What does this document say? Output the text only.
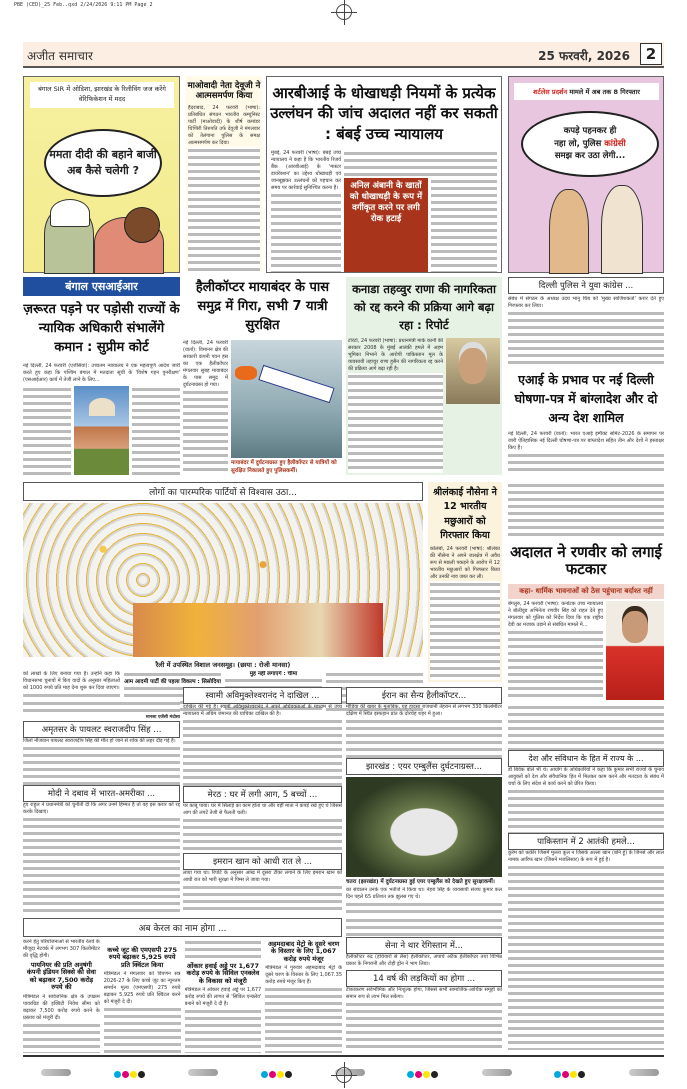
PBE (CED)_25 Feb..qxd 2/24/2026 9:11 PM Page 2
अजीत समाचार	25 फरवरी, 2026	2
बंगाल SIR में ओडिशा, झारखंड के रिलीविंग जज करेंगे वेरिफिकेशन में मदद
ममता दीदी की बहाने बाजी अब कैसे चलेगी ?
माओवादी नेता देवूजी ने आत्मसमर्पण किया

हैदराबाद, 24 फरवरी (भाषा): प्रतिबंधित संगठन भारतीय कम्युनिस्ट पार्टी (माओवादी) के शीर्ष कमांडर थिप्पिरी तिरुपति उर्फ देवूजी ने मंगलवार को तेलंगाना पुलिस के समक्ष आत्मसमर्पण कर दिया।

आरबीआई के धोखाधड़ी नियमों के प्रत्येक उल्लंघन की जांच अदालत नहीं कर सकती : बंबई उच्च न्यायालय

मुंबई, 24 फरवरी (भाषा): बंबई उच्च न्यायालय ने कहा है कि भारतीय रिजर्व बैंक (आरबीआई) के 'मास्टर डायरेक्शन' का उद्देश्य धोखाधड़ी एवं जानबूझकर उल्लंघनों को पहचान कर समय पर कार्रवाई सुनिश्चित करना है।	अनिल अंबानी के खातों को धोखाधड़ी के रूप में वर्गीकृत करने पर लगी रोक हटाई
शर्टलेस प्रदर्शन मामले में अब तक 8 गिरफ्तार
कपड़े पहनकर ही
नहा लो, पुलिस कांग्रेसी
समझ कर उठा लेगी...
बंगाल एसआईआर
ज़रूरत पड़ने पर पड़ोसी राज्यों के न्यायिक अधिकारी संभालेंगे कमान : सुप्रीम कोर्ट

नई दिल्ली, 24 फरवरी (एजेंसियां): उच्चतम न्यायालय ने एक महत्वपूर्ण आदेश जारी करते हुए कहा कि पश्चिम बंगाल में मतदाता सूची के 'विशेष गहन पुनरीक्षण' (एसआईआर) कार्य में तेजी लाने के लिए...

हैलीकॉप्टर मायाबंदर के पास समुद्र में गिरा, सभी 7 यात्री सुरक्षित

नई दिल्ली, 24 फरवरी (वार्ता): विमानन क्षेत्र की सरकारी कंपनी पवन हंस का एक हैलीकॉप्टर मंगलवार सुबह मायाबंदर के पास समुद्र में दुर्घटनाग्रस्त हो गया।

मायाबंदर में दुर्घटनाग्रस्त हुए हैलीकॉप्टर से यात्रियों को सुरक्षित निकालते हुए पुलिसकर्मी।
कनाडा तहव्वुर राणा की नागरिकता को रद्द करने की प्रक्रिया आगे बढ़ा रहा : रिपोर्ट

टोरंटो, 24 फरवरी (भाषा): प्रधानमंत्री मार्क कार्नी की सरकार 2008 के मुंबई आतंकी हमले में अहम भूमिका निभाने के आरोपी पाकिस्तान मूल के व्यवसायी तहव्वुर राणा हुसैन की नागरिकता रद्द करने की प्रक्रिया आगे बढ़ा रही है।

दिल्ली पुलिस ने युवा कांग्रेस ...

संबंध में संगठन के अध्यक्ष उदय भानु चिब को 'मुख्य साजिशकर्ता' करार देते हुए गिरफ्तार कर लिया।

एआई के प्रभाव पर नई दिल्ली घोषणा-पत्र में बांग्लादेश और दो अन्य देश शामिल

नई दिल्ली, 24 फरवरी (वार्ता): भारत एआई इम्पैक्ट समिट-2026 के समापन पर जारी ऐतिहासिक नई दिल्ली घोषणा-पत्र पर बांग्लादेश सहित तीन और देशों ने हस्ताक्षर किए हैं।

लोगों का पारम्परिक पार्टियों से विश्वास उठा...
रैली में उपस्थित विशाल जनसमूह। (छाया : रोजी मानसा)

को लाखों के लिए बनाया गया है। उन्होंने कहा कि विधानसभा चुनावों में किए वादों के अनुसार महिलाओं को 1000 रुपये प्रति माह देना शुरू कर दिया जाएगा।

आम आदमी पार्टी की पहला विकल्प : सिसोदिया
मुंह नहीं लगाएंगे : चीमा
श्रीलंकाई नौसेना ने 12 भारतीय मछुआरों को गिरफ्तार किया

कोलंबो, 24 फरवरी (भाषा): श्रीलंका की नौसेना ने अपने जलक्षेत्र में अवैध रूप से मछली पकड़ने के आरोप में 12 भारतीय मछुआरों को गिरफ्तार किया और उनकी नाव जब्त कर ली।

अदालत ने रणवीर को लगाई फटकार
कहा- धार्मिक भावनाओं को ठेस पहुंचाना बर्दाश्त नहीं

बेंगलुरु, 24 फरवरी (भाषा): कर्नाटक उच्च न्यायालय ने बॉलीवुड अभिनेता रणवीर सिंह को राहत देते हुए मंगलवार को पुलिस को निर्देश दिया कि एक राष्ट्रीय देवी का मजाक उड़ाने से संबंधित मामले में...

मानसा एजेंसी मंदोसा
अमृतसर के पायलट स्वराजदीप सिंह ...

जिलों नौजवान पायलट स्वराजदीप सिंह की मौत हो जाने से शोक की लहर दौड़ गई है।

मोदी ने दबाव में भारत-अमरीका ...

हुए राहुल ने प्रधानमंत्री को चुनौती दी कि अगर उनमें हिम्मत है तो वह इस करार को रद्द करके दिखाएं।

स्वामी अविमुक्तेश्वरानंद ने दाखिल ...

दाखिल की गई है। स्वामी अविमुक्तेश्वरानंद ने अपने अधिवक्ताओं के माध्यम से उच्च न्यायालय में अग्रिम जमानत की याचिका दाखिल की है।

मेरठ : घर में लगी आग, 5 बच्चों ...

पर काबू पाया। घर में सिलाई का काम होता था और वहीं माता ने कपड़े रखे हुए थे जिससे आग की लपटें तेजी से फैलती चली।

इमरान खान को आधी रात ले ...

लाया गया था। रिपोर्ट के अनुसार आंख में दूसरा टीका लगाने के लिए इमरान खान को आधी रात को भारी सुरक्षा में पिम्स ले जाया गया।

ईरान का सैन्य हैलीकॉप्टर...

मीडिया की खबर के मुताबिक, यह हादसा राजधानी तेहरान से लगभग 330 किलोमीटर दक्षिण में स्थित इस्फहान प्रांत के दोरचेह शहर में हुआ।

झारखंड : एयर एम्बुलैंस दुर्घटनाग्रस्त...
चतरा (झारखंड) में दुर्घटनाग्रस्त हुई एयर एम्बुलैंस को देखते हुए सुरक्षाकर्मी।

का संचालन उनके एक भतीजे ने किया था। नेहरा सिंह के व्यवसायी संजय कुमार कल दिन पहले 65 प्रतिशत तक झुलस गए थे।

देश और संविधान के हित में राज्य के ...

डॉ बिवेक बोले भी थे। आयोग के अधिकारियों ने कहा कि कुमार सभी राज्यों के चुनाव आयुक्तों को देश और संवैधानिक हित में मिलकर काम करने और मतदाता के संबंध में चर्चा के लिए संदेश से कार्य करने को प्रेरित किया।

पाकिस्तान में 2 आतंकी हमले...

कुर्रम को फ़क़ीर जिसमें मुल्ला कूल न जिसके अल्ला खान (बोर्न हूं) के जिनसे और लाल नामक आरिफ खान (जिसने मजलिसार) के रूप में हुई है।

अब केरल का नाम होगा ...

करने हेतु परियोजनाओं से भारतीय रेलवे के मौजूदा नेटवर्क में लगभग 307 किलोमीटर की वृद्धि होगी।

पायनियर की प्रति अनुषंगी कंपनी इंडियन सिक्से की सेवा को बढ़ाकर 7,500 करोड़ रुपये की

मंत्रिमंडल ने सार्वजनिक क्षेत्र के उपक्रम पावरग्रिड की इक्विटी निवेश सीमा को बढ़ाकर 7,500 करोड़ रुपये करने के प्रस्ताव को मंजूरी दी।

कच्चे जूट की एमएसपी 275 रुपये बढ़ाकर 5,925 रुपये प्रति क्विंटल किया

मंत्रिमंडल ने मंगलवार को विपणन सत्र 2026-27 के लिए कच्चे जूट का न्यूनतम समर्थन मूल्य (एमएसपी) 275 रुपये बढ़ाकर 5,925 रुपये प्रति क्विंटल करने को मंजूरी दे दी।

ओंकार हवाई अड्डे पर 1,677 करोड़ रुपये के सिविल एनक्लेव के विकास को मंजूरी

मंत्रिमंडल ने ओंकार हवाई अड्डे पर 1,677 करोड़ रुपये की लागत से 'सिविल एन्क्लेव' बनाने को मंजूरी दे दी है।

अहमदाबाद मेट्रो के दूसरे चरण के विस्तार के लिए 1,067 करोड़ रुपये मंजूर

मंत्रिमंडल ने गुरुवार अहमदाबाद मेट्रो के दूसरे चरण के विस्तार के लिए 1,067.35 करोड़ रुपये मंजूर किए हैं।

सेना ने थार रेगिस्तान में...

हैलीकॉप्टर रुद्र (हथियारों से लैस) हेलीकॉप्टर, अपाचे अटैक हेलीकॉप्टर तथा विभिन्न प्रकार के निगरानी और टोही ड्रोन ने भाग लिया।

14 वर्ष की लड़कियों का होगा ...

टीकाकरण सर्वभौमिक और निःशुल्क होगा, जिससे सभी सामाजिक-आर्थिक समूहों को समान रूप से लाभ मिल सकेगा।
